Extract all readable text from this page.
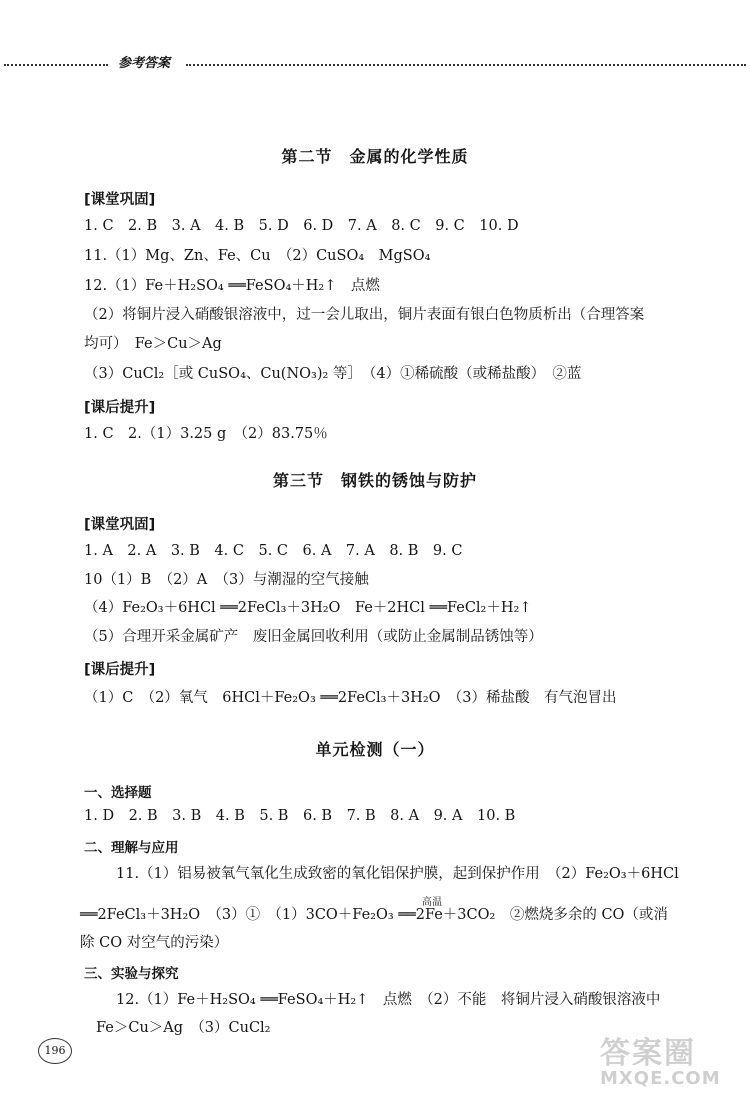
参考答案
第二节　金属的化学性质
[课堂巩固]
1. C　2. B　3. A　4. B　5. D　6. D　7. A　8. C　9. C　10. D
11.（1）Mg、Zn、Fe、Cu　（2）CuSO₄　MgSO₄
12.（1）Fe＋H₂SO₄ ══FeSO₄＋H₂↑　点燃
（2）将铜片浸入硝酸银溶液中，过一会儿取出，铜片表面有银白色物质析出（合理答案
均可）　Fe＞Cu＞Ag
（3）CuCl₂［或 CuSO₄、Cu(NO₃)₂ 等］　（4）①稀硫酸（或稀盐酸）　②蓝
[课后提升]
1. C　2.（1）3.25 g　（2）83.75％
第三节　钢铁的锈蚀与防护
[课堂巩固]
1. A　2. A　3. B　4. C　5. C　6. A　7. A　8. B　9. C
10（1）B　（2）A　（3）与潮湿的空气接触
（4）Fe₂O₃＋6HCl ══2FeCl₃＋3H₂O　Fe＋2HCl ══FeCl₂＋H₂↑
（5）合理开采金属矿产　废旧金属回收利用（或防止金属制品锈蚀等）
[课后提升]
（1）C　（2）氧气　6HCl＋Fe₂O₃ ══2FeCl₃＋3H₂O　（3）稀盐酸　有气泡冒出
单元检测（一）
一、选择题
1. D　2. B　3. B　4. B　5. B　6. B　7. B　8. A　9. A　10. B
二、理解与应用
11.（1）铝易被氧气氧化生成致密的氧化铝保护膜，起到保护作用　（2）Fe₂O₃＋6HCl
高温
══2FeCl₃＋3H₂O　（3）①　（1）3CO＋Fe₂O₃ ══2Fe＋3CO₂　②燃烧多余的 CO（或消
除 CO 对空气的污染）
三、实验与探究
12.（1）Fe＋H₂SO₄ ══FeSO₄＋H₂↑　点燃　（2）不能　将铜片浸入硝酸银溶液中
Fe＞Cu＞Ag　（3）CuCl₂
196	答案圈
MXQE.COM
